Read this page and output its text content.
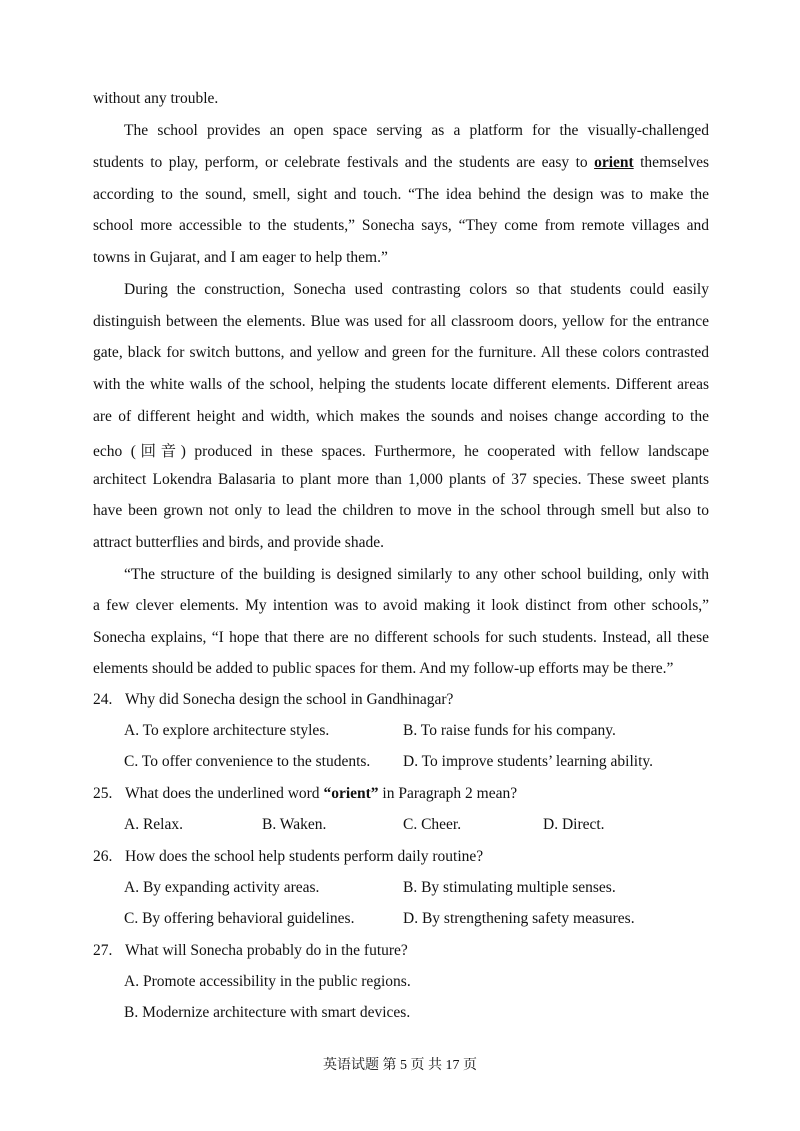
without any trouble.
The school provides an open space serving as a platform for the visually-challenged
students to play, perform, or celebrate festivals and the students are easy to orient themselves
according to the sound, smell, sight and touch. “The idea behind the design was to make the
school more accessible to the students,” Sonecha says, “They come from remote villages and
towns in Gujarat, and I am eager to help them.”
During the construction, Sonecha used contrasting colors so that students could easily
distinguish between the elements. Blue was used for all classroom doors, yellow for the entrance
gate, black for switch buttons, and yellow and green for the furniture. All these colors contrasted
with the white walls of the school, helping the students locate different elements. Different areas
are of different height and width, which makes the sounds and noises change according to the
echo (回音) produced in these spaces. Furthermore, he cooperated with fellow landscape
architect Lokendra Balasaria to plant more than 1,000 plants of 37 species. These sweet plants
have been grown not only to lead the children to move in the school through smell but also to
attract butterflies and birds, and provide shade.
“The structure of the building is designed similarly to any other school building, only with
a few clever elements. My intention was to avoid making it look distinct from other schools,”
Sonecha explains, “I hope that there are no different schools for such students. Instead, all these
elements should be added to public spaces for them. And my follow-up efforts may be there.”
24. Why did Sonecha design the school in Gandhinagar?
A. To explore architecture styles.	B. To raise funds for his company.
C. To offer convenience to the students. D. To improve students’ learning ability.
25. What does the underlined word “orient” in Paragraph 2 mean?
A. Relax.	B. Waken.	C. Cheer.	D. Direct.
26. How does the school help students perform daily routine?
A. By expanding activity areas.	B. By stimulating multiple senses.
C. By offering behavioral guidelines.	D. By strengthening safety measures.
27. What will Sonecha probably do in the future?
A. Promote accessibility in the public regions.
B. Modernize architecture with smart devices.
英语试题 第 5 页 共 17 页
